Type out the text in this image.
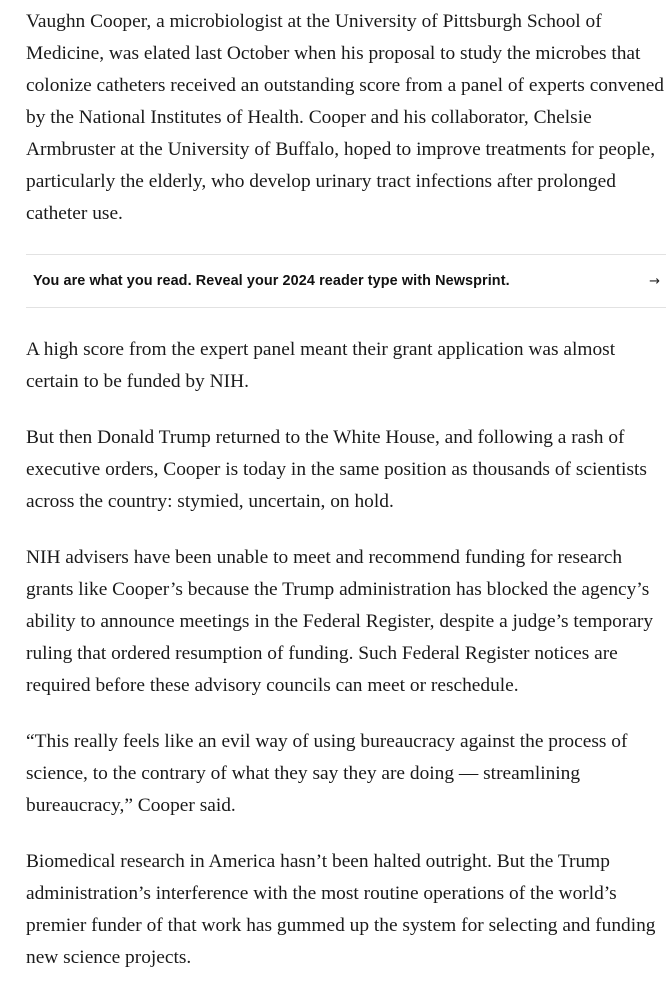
Vaughn Cooper, a microbiologist at the University of Pittsburgh School of Medicine, was elated last October when his proposal to study the microbes that colonize catheters received an outstanding score from a panel of experts convened by the National Institutes of Health. Cooper and his collaborator, Chelsie Armbruster at the University of Buffalo, hoped to improve treatments for people, particularly the elderly, who develop urinary tract infections after prolonged catheter use.

You are what you read. Reveal your 2024 reader type with Newsprint.	→

A high score from the expert panel meant their grant application was almost certain to be funded by NIH.

But then Donald Trump returned to the White House, and following a rash of executive orders, Cooper is today in the same position as thousands of scientists across the country: stymied, uncertain, on hold.

NIH advisers have been unable to meet and recommend funding for research grants like Cooper’s because the Trump administration has blocked the agency’s ability to announce meetings in the Federal Register, despite a judge’s temporary ruling that ordered resumption of funding. Such Federal Register notices are required before these advisory councils can meet or reschedule.

“This really feels like an evil way of using bureaucracy against the process of science, to the contrary of what they say they are doing — streamlining bureaucracy,” Cooper said.

Biomedical research in America hasn’t been halted outright. But the Trump administration’s interference with the most routine operations of the world’s premier funder of that work has gummed up the system for selecting and funding new science projects.
